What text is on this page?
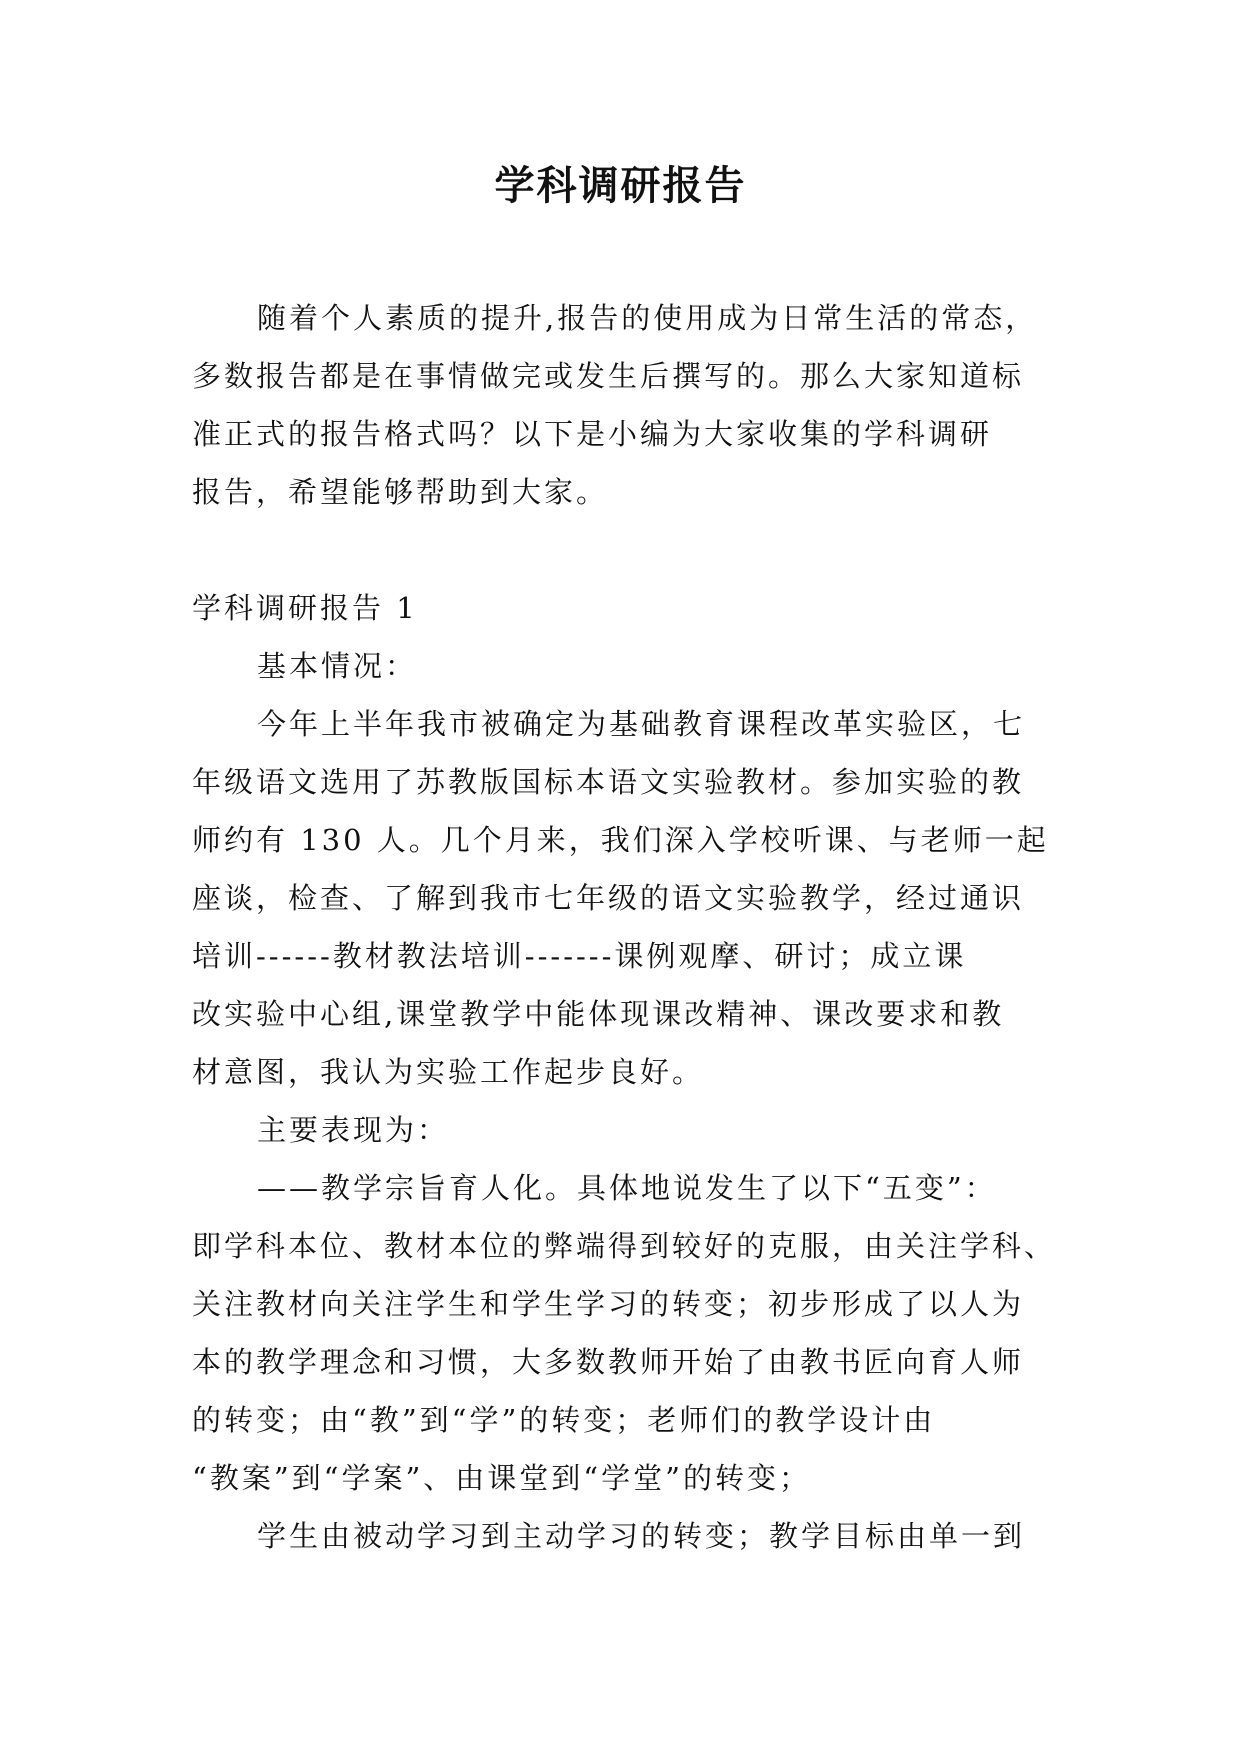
学科调研报告
随着个人素质的提升,报告的使用成为日常生活的常态，
多数报告都是在事情做完或发生后撰写的。那么大家知道标
准正式的报告格式吗？以下是小编为大家收集的学科调研
报告，希望能够帮助到大家。
学科调研报告 1
基本情况：
今年上半年我市被确定为基础教育课程改革实验区，七
年级语文选用了苏教版国标本语文实验教材。参加实验的教
师约有 130 人。几个月来，我们深入学校听课、与老师一起
座谈，检查、了解到我市七年级的语文实验教学，经过通识
培训------教材教法培训-------课例观摩、研讨；成立课
改实验中心组,课堂教学中能体现课改精神、课改要求和教
材意图，我认为实验工作起步良好。
主要表现为：
——教学宗旨育人化。具体地说发生了以下“五变”：
即学科本位、教材本位的弊端得到较好的克服，由关注学科、
关注教材向关注学生和学生学习的转变；初步形成了以人为
本的教学理念和习惯，大多数教师开始了由教书匠向育人师
的转变；由“教”到“学”的转变；老师们的教学设计由
“教案”到“学案”、由课堂到“学堂”的转变；
学生由被动学习到主动学习的转变；教学目标由单一到
